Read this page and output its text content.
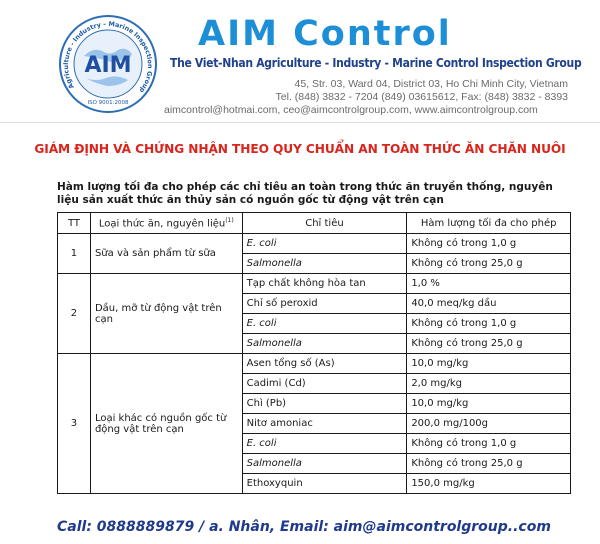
Agriculture - Industry - Marine Inspection Group
AIM
ISO 9001:2008
AIM Control
The Viet-Nhan Agriculture - Industry - Marine Control Inspection Group
45, Str. 03, Ward 04, District 03, Ho Chi Minh City, Vietnam
Tel. (848) 3832 - 7204 (849) 03615612, Fax: (848) 3832 - 8393
aimcontrol@hotmai.com, ceo@aimcontrolgroup.com, www.aimcontrolgroup.com
GIÁM ĐỊNH VÀ CHỨNG NHẬN THEO QUY CHUẨN AN TOÀN THỨC ĂN CHĂN NUÔI
Hàm lượng tối đa cho phép các chỉ tiêu an toàn trong thức ăn truyền thống, nguyên liệu sản xuất thức ăn thủy sản có nguồn gốc từ động vật trên cạn
TT	Loại thức ăn, nguyên liệu$^{(1)}$	Chỉ tiêu	Hàm lượng tối đa cho phép
1	Sữa và sản phẩm từ sữa	E. coli	Không có trong 1,0 g
		Salmonella	Không có trong 25,0 g
2	Dầu, mỡ từ động vật trên cạn	Tạp chất không hòa tan	1,0 %
		Chỉ số peroxid	40,0 meq/kg dầu
		E. coli	Không có trong 1,0 g
		Salmonella	Không có trong 25,0 g
3	Loại khác có nguồn gốc từ động vật trên cạn	Asen tổng số (As)	10,0 mg/kg
		Cadimi (Cd)	2,0 mg/kg
		Chì (Pb)	10,0 mg/kg
		Nitơ amoniac	200,0 mg/100g
		E. coli	Không có trong 1,0 g
		Salmonella	Không có trong 25,0 g
		Ethoxyquin	150,0 mg/kg
Call: 0888889879 / a. Nhân, Email: aim@aimcontrolgroup..com
